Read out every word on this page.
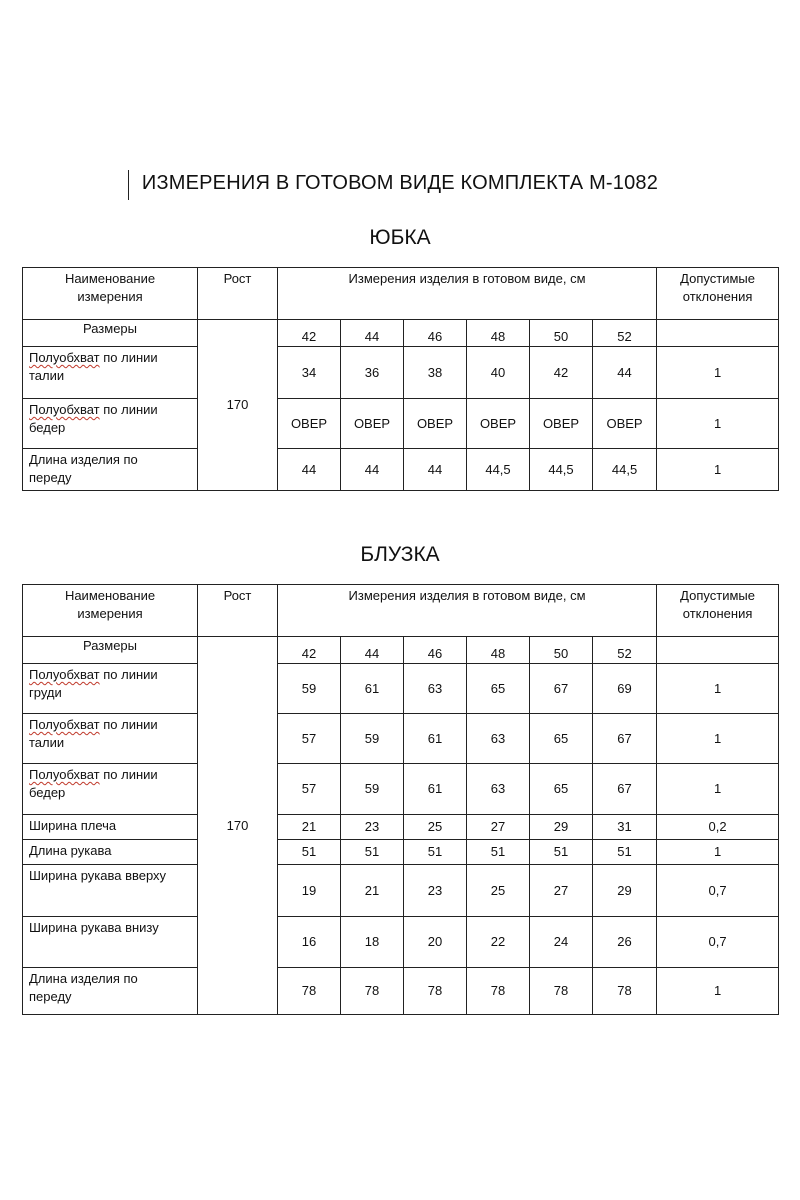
ИЗМЕРЕНИЯ В ГОТОВОМ ВИДЕ КОМПЛЕКТА М-1082
ЮБКА
Наименование
измерения	Рост	Измерения изделия в готовом виде, см						Допустимые
отклонения
Размеры	170	42	44	46	48	50	52	
Полуобхват по линии
талии		34	36	38	40	42	44	1
Полуобхват по линии
бедер		ОВЕР	ОВЕР	ОВЕР	ОВЕР	ОВЕР	ОВЕР	1
Длина изделия по
переду		44	44	44	44,5	44,5	44,5	1
БЛУЗКА
Наименование
измерения	Рост	Измерения изделия в готовом виде, см						Допустимые
отклонения
Размеры	170	42	44	46	48	50	52	
Полуобхват по линии
груди		59	61	63	65	67	69	1
Полуобхват по линии
талии		57	59	61	63	65	67	1
Полуобхват по линии
бедер		57	59	61	63	65	67	1
Ширина плеча		21	23	25	27	29	31	0,2
Длина рукава		51	51	51	51	51	51	1
Ширина рукава вверху		19	21	23	25	27	29	0,7
Ширина рукава внизу		16	18	20	22	24	26	0,7
Длина изделия по
переду		78	78	78	78	78	78	1
